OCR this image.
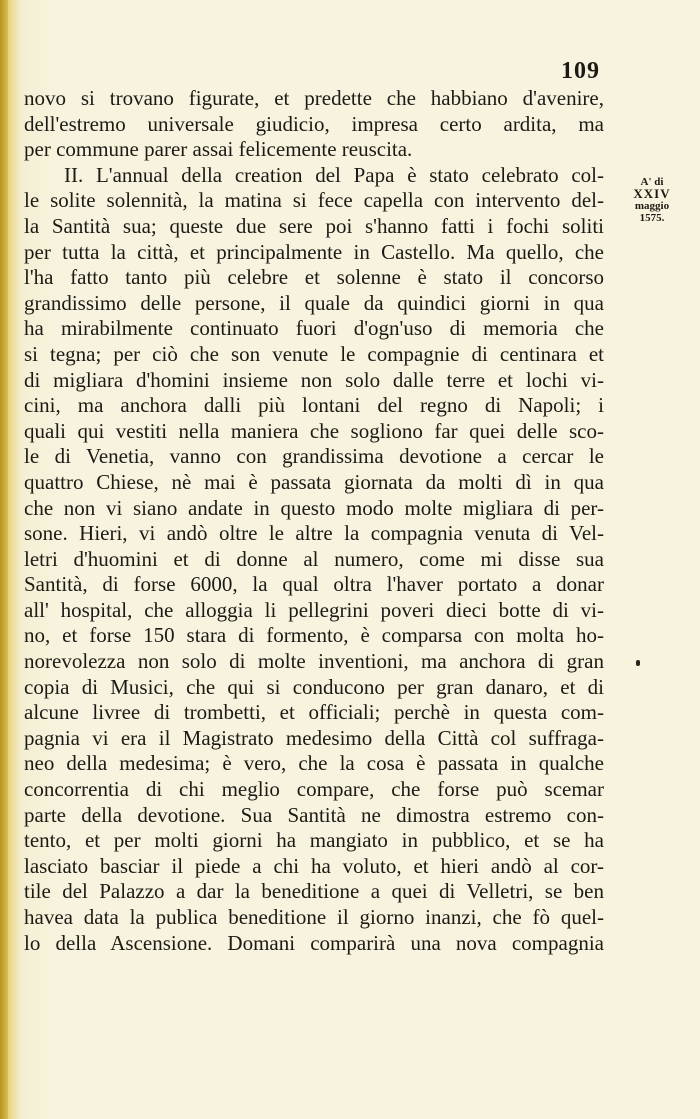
109
novo si trovano figurate, et predette che habbiano d'avenire,
dell'estremo universale giudicio, impresa certo ardita, ma
per commune parer assai felicemente reuscita.
II. L'annual della creation del Papa è stato celebrato col-
le solite solennità, la matina si fece capella con intervento del-
la Santità sua; queste due sere poi s'hanno fatti i fochi soliti
per tutta la città, et principalmente in Castello. Ma quello, che
l'ha fatto tanto più celebre et solenne è stato il concorso
grandissimo delle persone, il quale da quindici giorni in qua
ha mirabilmente continuato fuori d'ogn'uso di memoria che
si tegna; per ciò che son venute le compagnie di centinara et
di migliara d'homini insieme non solo dalle terre et lochi vi-
cini, ma anchora dalli più lontani del regno di Napoli; i
quali qui vestiti nella maniera che sogliono far quei delle sco-
le di Venetia, vanno con grandissima devotione a cercar le
quattro Chiese, nè mai è passata giornata da molti dì in qua
che non vi siano andate in questo modo molte migliara di per-
sone. Hieri, vi andò oltre le altre la compagnia venuta di Vel-
letri d'huomini et di donne al numero, come mi disse sua
Santità, di forse 6000, la qual oltra l'haver portato a donar
all' hospital, che alloggia li pellegrini poveri dieci botte di vi-
no, et forse 150 stara di formento, è comparsa con molta ho-
norevolezza non solo di molte inventioni, ma anchora di gran
copia di Musici, che qui si conducono per gran danaro, et di
alcune livree di trombetti, et officiali; perchè in questa com-
pagnia vi era il Magistrato medesimo della Città col suffraga-
neo della medesima; è vero, che la cosa è passata in qualche
concorrentia di chi meglio compare, che forse può scemar
parte della devotione. Sua Santità ne dimostra estremo con-
tento, et per molti giorni ha mangiato in pubblico, et se ha
lasciato basciar il piede a chi ha voluto, et hieri andò al cor-
tile del Palazzo a dar la beneditione a quei di Velletri, se ben
havea data la publica beneditione il giorno inanzi, che fò quel-
lo della Ascensione. Domani comparirà una nova compagnia
A' di
XXIV
maggio
1575.
